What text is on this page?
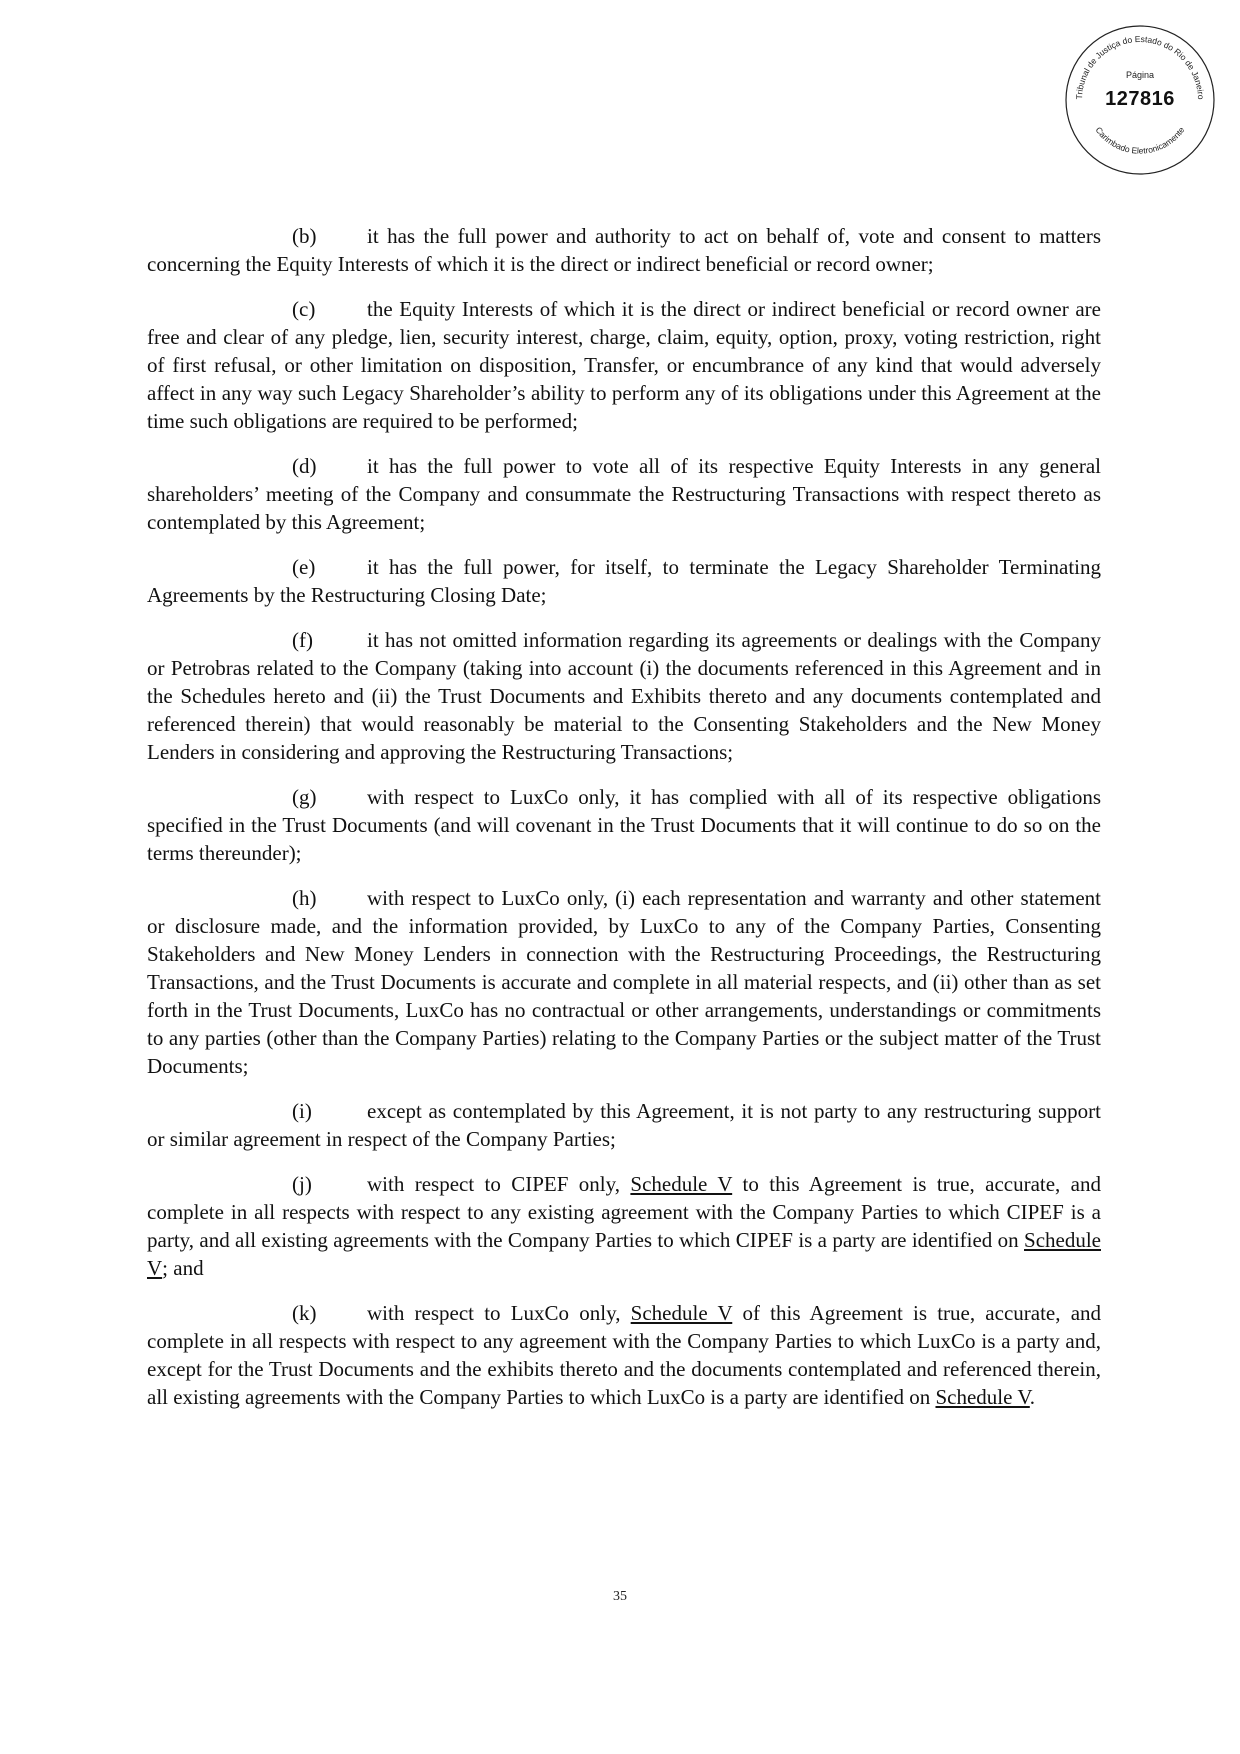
Tribunal de Justiça do Estado do Rio de Janeiro
Carimbado Eletronicamente
Página
127816

(b) it has the full power and authority to act on behalf of, vote and consent to matters concerning the Equity Interests of which it is the direct or indirect beneficial or record owner;

(c) the Equity Interests of which it is the direct or indirect beneficial or record owner are free and clear of any pledge, lien, security interest, charge, claim, equity, option, proxy, voting restriction, right of first refusal, or other limitation on disposition, Transfer, or encumbrance of any kind that would adversely affect in any way such Legacy Shareholder’s ability to perform any of its obligations under this Agreement at the time such obligations are required to be performed;

(d) it has the full power to vote all of its respective Equity Interests in any general shareholders’ meeting of the Company and consummate the Restructuring Transactions with respect thereto as contemplated by this Agreement;

(e) it has the full power, for itself, to terminate the Legacy Shareholder Terminating Agreements by the Restructuring Closing Date;

(f)	it has not omitted information regarding its agreements or dealings with the Company or Petrobras related to the Company (taking into account (i) the documents referenced in this Agreement and in the Schedules hereto and (ii) the Trust Documents and Exhibits thereto and any documents contemplated and referenced therein) that would reasonably be material to the Consenting Stakeholders and the New Money Lenders in considering and approving the Restructuring Transactions;

(g) with respect to LuxCo only, it has complied with all of its respective obligations specified in the Trust Documents (and will covenant in the Trust Documents that it will continue to do so on the terms thereunder);

(h) with respect to LuxCo only, (i) each representation and warranty and other statement or disclosure made, and the information provided, by LuxCo to any of the Company Parties, Consenting Stakeholders and New Money Lenders in connection with the Restructuring Proceedings, the Restructuring Transactions, and the Trust Documents is accurate and complete in all material respects, and (ii) other than as set forth in the Trust Documents, LuxCo has no contractual or other arrangements, understandings or commitments to any parties (other than the Company Parties) relating to the Company Parties or the subject matter of the Trust Documents;

(i)	except as contemplated by this Agreement, it is not party to any restructuring support or similar agreement in respect of the Company Parties;

(j)	with respect to CIPEF only, Schedule V to this Agreement is true, accurate, and complete in all respects with respect to any existing agreement with the Company Parties to which CIPEF is a party, and all existing agreements with the Company Parties to which CIPEF is a party are identified on Schedule V; and

(k) with respect to LuxCo only, Schedule V of this Agreement is true, accurate, and complete in all respects with respect to any agreement with the Company Parties to which LuxCo is a party and, except for the Trust Documents and the exhibits thereto and the documents contemplated and referenced therein, all existing agreements with the Company Parties to which LuxCo is a party are identified on Schedule V.

35
